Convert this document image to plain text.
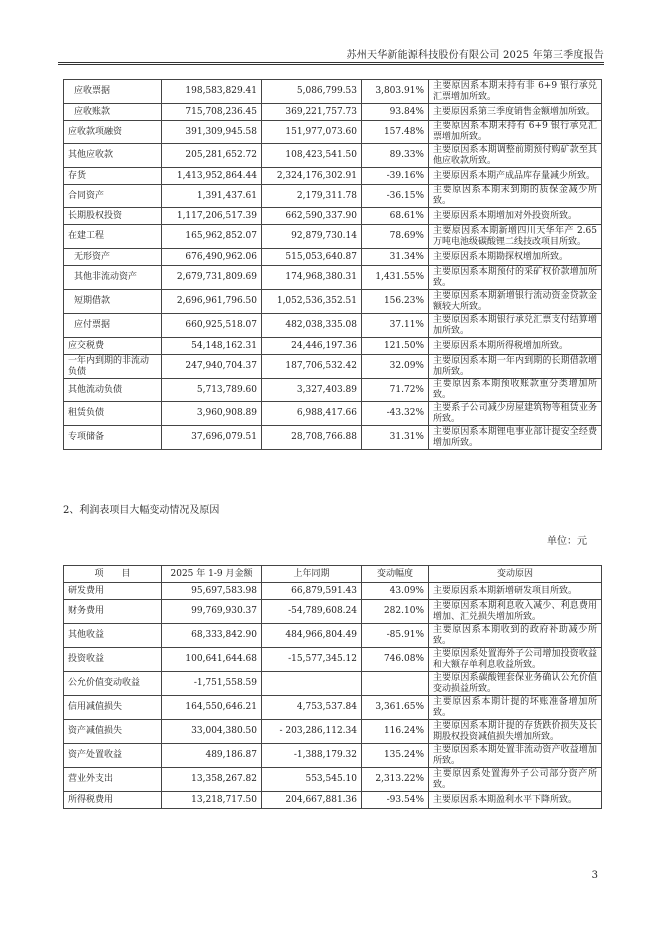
苏州天华新能源科技股份有限公司 2025 年第三季度报告
应收票据	198,583,829.41	5,086,799.53	3,803.91%	主要原因系本期末持有非 6+9 银行承兑汇票增加所致。
应收账款	715,708,236.45	369,221,757.73	93.84%	主要原因系第三季度销售金额增加所致。
应收款项融资	391,309,945.58	151,977,073.60	157.48%	主要原因系本期末持有 6+9 银行承兑汇票增加所致。
其他应收款	205,281,652.72	108,423,541.50	89.33%	主要原因系本期调整前期预付购矿款至其他应收款所致。
存货	1,413,952,864.44	2,324,176,302.91	-39.16%	主要原因系本期产成品库存量减少所致。
合同资产	1,391,437.61	2,179,311.78	-36.15%	主要原因系本期末到期的质保金减少所致。
长期股权投资	1,117,206,517.39	662,590,337.90	68.61%	主要原因系本期增加对外投资所致。
在建工程	165,962,852.07	92,879,730.14	78.69%	主要原因系本期新增四川天华年产 2.65 万吨电池级碳酸锂二线技改项目所致。
无形资产	676,490,962.06	515,053,640.87	31.34%	主要原因系本期勘探权增加所致。
其他非流动资产	2,679,731,809.69	174,968,380.31	1,431.55%	主要原因系本期预付的采矿权价款增加所致。
短期借款	2,696,961,796.50	1,052,536,352.51	156.23%	主要原因系本期新增银行流动资金贷款金额较大所致。
应付票据	660,925,518.07	482,038,335.08	37.11%	主要原因系本期银行承兑汇票支付结算增加所致。
应交税费	54,148,162.31	24,446,197.36	121.50%	主要原因系本期所得税增加所致。
一年内到期的非流动负债	247,940,704.37	187,706,532.42	32.09%	主要原因系本期一年内到期的长期借款增加所致。
其他流动负债	5,713,789.60	3,327,403.89	71.72%	主要原因系本期预收账款重分类增加所致。
租赁负债	3,960,908.89	6,988,417.66	-43.32%	主要系子公司减少房屋建筑物等租赁业务所致。
专项储备	37,696,079.51	28,708,766.88	31.31%	主要原因系本期锂电事业部计提安全经费增加所致。
2、利润表项目大幅变动情况及原因
单位：元
项　　目	2025 年 1-9 月金额	上年同期	变动幅度	变动原因
研发费用	95,697,583.98	66,879,591.43	43.09%	主要原因系本期新增研发项目所致。
财务费用	99,769,930.37	-54,789,608.24	282.10%	主要原因系本期利息收入减少、利息费用增加、汇兑损失增加所致。
其他收益	68,333,842.90	484,966,804.49	-85.91%	主要原因系本期收到的政府补助减少所致。
投资收益	100,641,644.68	-15,577,345.12	746.08%	主要原因系处置海外子公司增加投资收益和大额存单利息收益所致。
公允价值变动收益	-1,751,558.59			主要原因系碳酸锂套保业务确认公允价值变动损益所致。
信用减值损失	164,550,646.21	4,753,537.84	3,361.65%	主要原因系本期计提的坏账准备增加所致。
资产减值损失	33,004,380.50	- 203,286,112.34	116.24%	主要原因系本期计提的存货跌价损失及长期股权投资减值损失增加所致。
资产处置收益	489,186.87	-1,388,179.32	135.24%	主要原因系本期处置非流动资产收益增加所致。
营业外支出	13,358,267.82	553,545.10	2,313.22%	主要原因系处置海外子公司部分资产所致。
所得税费用	13,218,717.50	204,667,881.36	-93.54%	主要原因系本期盈利水平下降所致。
3
